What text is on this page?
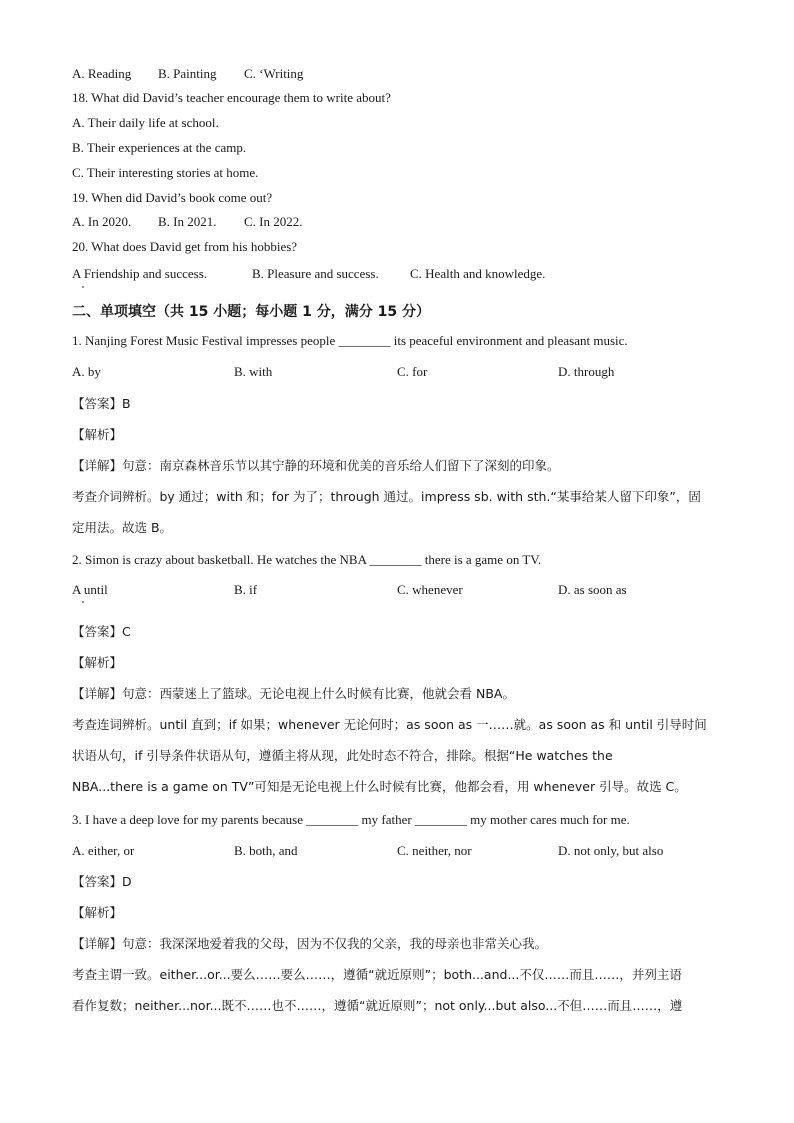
A. Reading B. Painting C. ‘Writing
18. What did David’s teacher encourage them to write about?
A. Their daily life at school.
B. Their experiences at the camp.
C. Their interesting stories at home.
19. When did David’s book come out?
A. In 2020. B. In 2021. C. In 2022.
20. What does David get from his hobbies?
A Friendship and success.	B. Pleasure and success. C. Health and knowledge.
二、单项填空（共 15 小题；每小题 1 分，满分 15 分）
1. Nanjing Forest Music Festival impresses people ________ its peaceful environment and pleasant music.
A. by	B. with	C. for	D. through
【答案】B
【解析】
【详解】句意：南京森林音乐节以其宁静的环境和优美的音乐给人们留下了深刻的印象。
考查介词辨析。by 通过；with 和；for 为了；through 通过。impress sb. with sth.“某事给某人留下印象”，固
定用法。故选 B。
2. Simon is crazy about basketball. He watches the NBA ________ there is a game on TV.
A until	B. if	C. whenever	D. as soon as
【答案】C
【解析】
【详解】句意：西蒙迷上了篮球。无论电视上什么时候有比赛，他就会看 NBA。
考查连词辨析。until 直到；if 如果；whenever 无论何时；as soon as 一……就。as soon as 和 until 引导时间
状语从句，if 引导条件状语从句，遵循主将从现，此处时态不符合，排除。根据“He watches the
NBA...there is a game on TV”可知是无论电视上什么时候有比赛，他都会看，用 whenever 引导。故选 C。
3. I have a deep love for my parents because ________ my father ________ my mother cares much for me.
A. either, or	B. both, and	C. neither, nor	D. not only, but also
【答案】D
【解析】
【详解】句意：我深深地爱着我的父母，因为不仅我的父亲，我的母亲也非常关心我。
考查主谓一致。either...or...要么……要么……，遵循“就近原则”；both...and...不仅……而且……，并列主语
看作复数；neither...nor...既不……也不……，遵循“就近原则”；not only...but also...不但……而且……，遵
